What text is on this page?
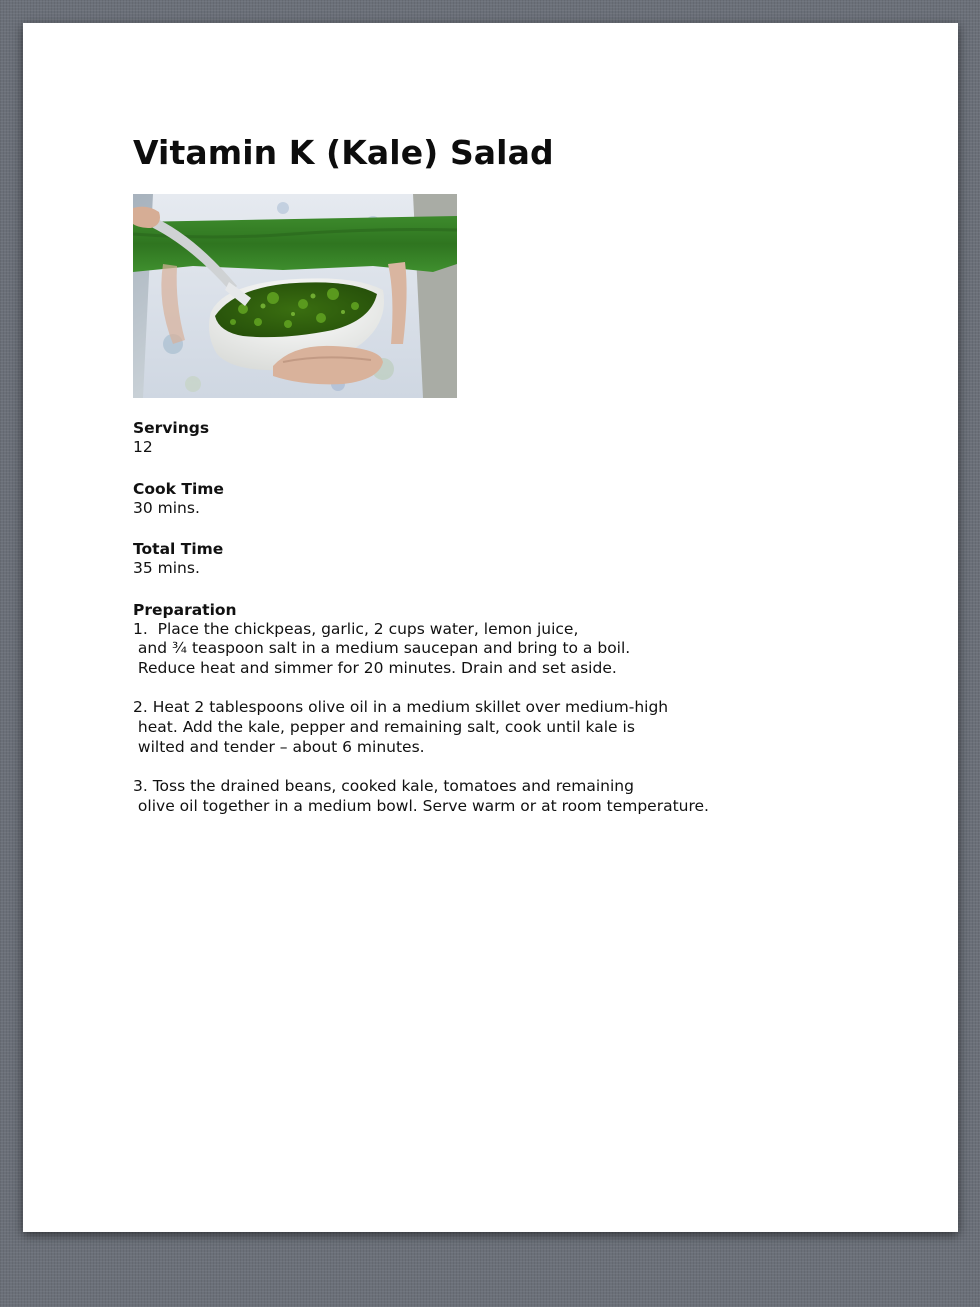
Vitamin K (Kale) Salad
Servings
12
Cook Time
30 mins.
Total Time
35 mins.
Preparation
1.  Place the chickpeas, garlic, 2 cups water, lemon juice,
and ¾ teaspoon salt in a medium saucepan and bring to a boil.
Reduce heat and simmer for 20 minutes. Drain and set aside.
2. Heat 2 tablespoons olive oil in a medium skillet over medium-high
heat. Add the kale, pepper and remaining salt, cook until kale is
wilted and tender – about 6 minutes.
3. Toss the drained beans, cooked kale, tomatoes and remaining
olive oil together in a medium bowl. Serve warm or at room temperature.
